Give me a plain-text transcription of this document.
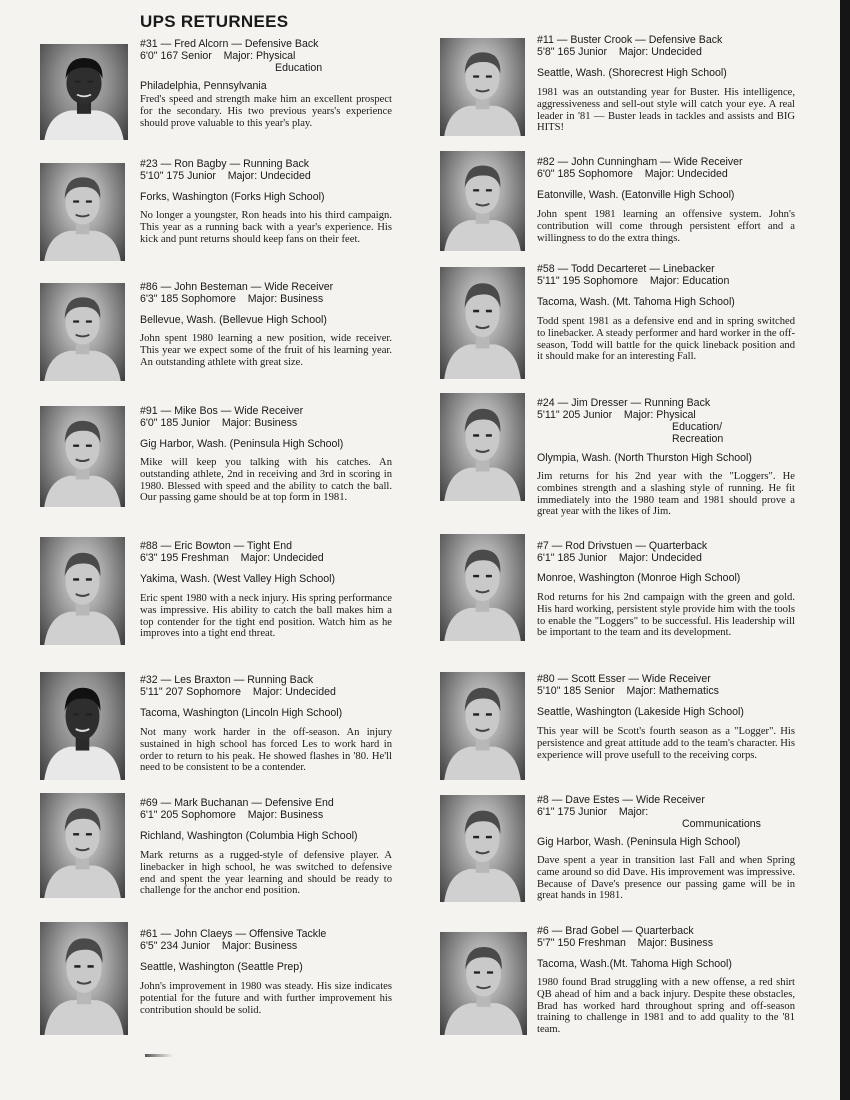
UPS RETURNEES
#31 — Fred Alcorn — Defensive Back
6'0" 167 Senior Major: Physical
Education
Philadelphia, Pennsylvania
Fred's speed and strength make him an excellent prospect for the secondary. His two previous years's experience should prove valuable to this year's play.
#23 — Ron Bagby — Running Back
5'10" 175 Junior Major: Undecided
Forks, Washington (Forks High School)
No longer a youngster, Ron heads into his third campaign. This year as a running back with a year's experience. His kick and punt returns should keep fans on their feet.
#86 — John Besteman — Wide Receiver
6'3" 185 Sophomore Major: Business
Bellevue, Wash. (Bellevue High School)
John spent 1980 learning a new position, wide receiver. This year we expect some of the fruit of his learning year. An outstanding athlete with great size.
#91 — Mike Bos — Wide Receiver
6'0" 185 Junior Major: Business
Gig Harbor, Wash. (Peninsula High School)
Mike will keep you talking with his catches. An outstanding athlete, 2nd in receiving and 3rd in scoring in 1980. Blessed with speed and the ability to catch the ball. Our passing game should be at top form in 1981.
#88 — Eric Bowton — Tight End
6'3" 195 Freshman Major: Undecided
Yakima, Wash. (West Valley High School)
Eric spent 1980 with a neck injury. His spring performance was impressive. His ability to catch the ball makes him a top contender for the tight end position. Watch him as he improves into a tight end threat.
#32 — Les Braxton — Running Back
5'11" 207 Sophomore Major: Undecided
Tacoma, Washington (Lincoln High School)
Not many work harder in the off-season. An injury sustained in high school has forced Les to work hard in order to return to his peak. He showed flashes in '80. He'll need to be consistent to be a contender.
#69 — Mark Buchanan — Defensive End
6'1" 205 Sophomore Major: Business
Richland, Washington (Columbia High School)
Mark returns as a rugged-style of defensive player. A linebacker in high school, he was switched to defensive end and spent the year learning and should be ready to challenge for the anchor end position.
#61 — John Claeys — Offensive Tackle
6'5" 234 Junior Major: Business
Seattle, Washington (Seattle Prep)
John's improvement in 1980 was steady. His size indicates potential for the future and with further improvement his contribution should be solid.
#11 — Buster Crook — Defensive Back
5'8" 165 Junior Major: Undecided
Seattle, Wash. (Shorecrest High School)
1981 was an outstanding year for Buster. His intelligence, aggressiveness and sell-out style will catch your eye. A real leader in '81 — Buster leads in tackles and assists and BIG HITS!
#82 — John Cunningham — Wide Receiver
6'0" 185 Sophomore Major: Undecided
Eatonville, Wash. (Eatonville High School)
John spent 1981 learning an offensive system. John's contribution will come through persistent effort and a willingness to do the extra things.
#58 — Todd Decarteret — Linebacker
5'11" 195 Sophomore Major: Education
Tacoma, Wash. (Mt. Tahoma High School)
Todd spent 1981 as a defensive end and in spring switched to linebacker. A steady performer and hard worker in the off-season, Todd will battle for the quick lineback position and it should make for an interesting Fall.
#24 — Jim Dresser — Running Back
5'11" 205 Junior Major: Physical
Education/ Recreation
Olympia, Wash. (North Thurston High School)
Jim returns for his 2nd year with the "Loggers". He combines strength and a slashing style of running. He fit immediately into the 1980 team and 1981 should prove a great year with the likes of Jim.
#7 — Rod Drivstuen — Quarterback
6'1" 185 Junior Major: Undecided
Monroe, Washington (Monroe High School)
Rod returns for his 2nd campaign with the green and gold. His hard working, persistent style provide him with the tools to enable the "Loggers" to be successful. His leadership will be important to the team and its development.
#80 — Scott Esser — Wide Receiver
5'10" 185 Senior Major: Mathematics
Seattle, Washington (Lakeside High School)
This year will be Scott's fourth season as a "Logger". His persistence and great attitude add to the team's character. His experience will prove usefull to the receiving corps.
#8 — Dave Estes — Wide Receiver
6'1" 175 Junior Major:
Communications
Gig Harbor, Wash. (Peninsula High School)
Dave spent a year in transition last Fall and when Spring came around so did Dave. His improvement was impressive. Because of Dave's presence our passing game will be in great hands in 1981.
#6 — Brad Gobel — Quarterback
5'7" 150 Freshman Major: Business
Tacoma, Wash.(Mt. Tahoma High School)
1980 found Brad struggling with a new offense, a red shirt QB ahead of him and a back injury. Despite these obstacles, Brad has worked hard throughout spring and off-season training to challenge in 1981 and to add quality to the '81 team.
